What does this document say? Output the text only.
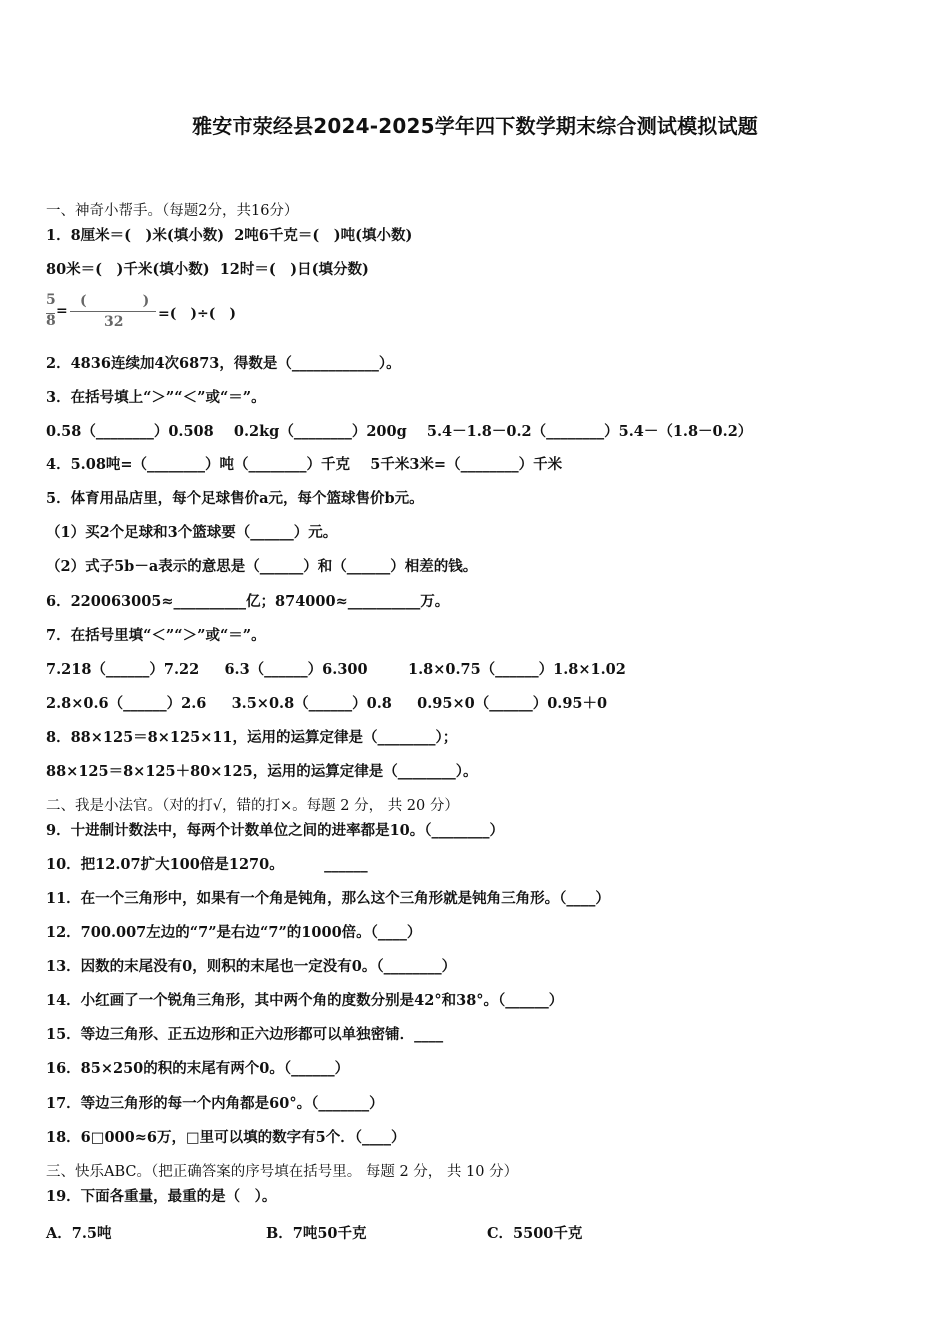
雅安市荥经县2024-2025学年四下数学期末综合测试模拟试题
一、神奇小帮手。（每题2分，共16分）
1．8厘米＝(　)米(填小数)  2吨6千克＝(　)吨(填小数)
80米＝(　)千米(填小数)  12时＝(　)日(填分数)
5
8
=
(　　　　)
32 =(　)÷(　)
2．4836连续加4次6873，得数是（____________）。
3．在括号填上“＞”“＜”或“＝”。
0.58（________）0.508    0.2kg（________）200g    5.4－1.8－0.2（________）5.4－（1.8－0.2）
4．5.08吨=（________）吨（________）千克    5千米3米=（________）千米
5．体育用品店里，每个足球售价a元，每个篮球售价b元。
（1）买2个足球和3个篮球要（______）元。
（2）式子5b－a表示的意思是（______）和（______）相差的钱。
6．220063005≈__________亿；874000≈__________万。
7．在括号里填“＜”“＞”或“＝”。
7.218（______）7.22     6.3（______）6.300        1.8×0.75（______）1.8×1.02
2.8×0.6（______）2.6     3.5×0.8（______）0.8     0.95×0（______）0.95＋0
8．88×125＝8×125×11，运用的运算定律是（________）；
88×125＝8×125＋80×125，运用的运算定律是（________）。
二、我是小法官。（对的打√，错的打×。每题 2 分， 共 20 分）
9．十进制计数法中，每两个计数单位之间的进率都是10。（________）
10．把12.07扩大100倍是1270。        ______
11．在一个三角形中，如果有一个角是钝角，那么这个三角形就是钝角三角形。（____）
12．700.007左边的“7”是右边“7”的1000倍。（____）
13．因数的末尾没有0，则积的末尾也一定没有0。（________）
14．小红画了一个锐角三角形，其中两个角的度数分别是42°和38°。（______）
15．等边三角形、正五边形和正六边形都可以单独密铺．____
16．85×250的积的末尾有两个0。（______）
17．等边三角形的每一个内角都是60°。（_______）
18．6□000≈6万，□里可以填的数字有5个．（____）
三、快乐ABC。（把正确答案的序号填在括号里。 每题 2 分， 共 10 分）
19．下面各重量，最重的是（　）。
A．7.5吨	B．7吨50千克	C．5500千克
